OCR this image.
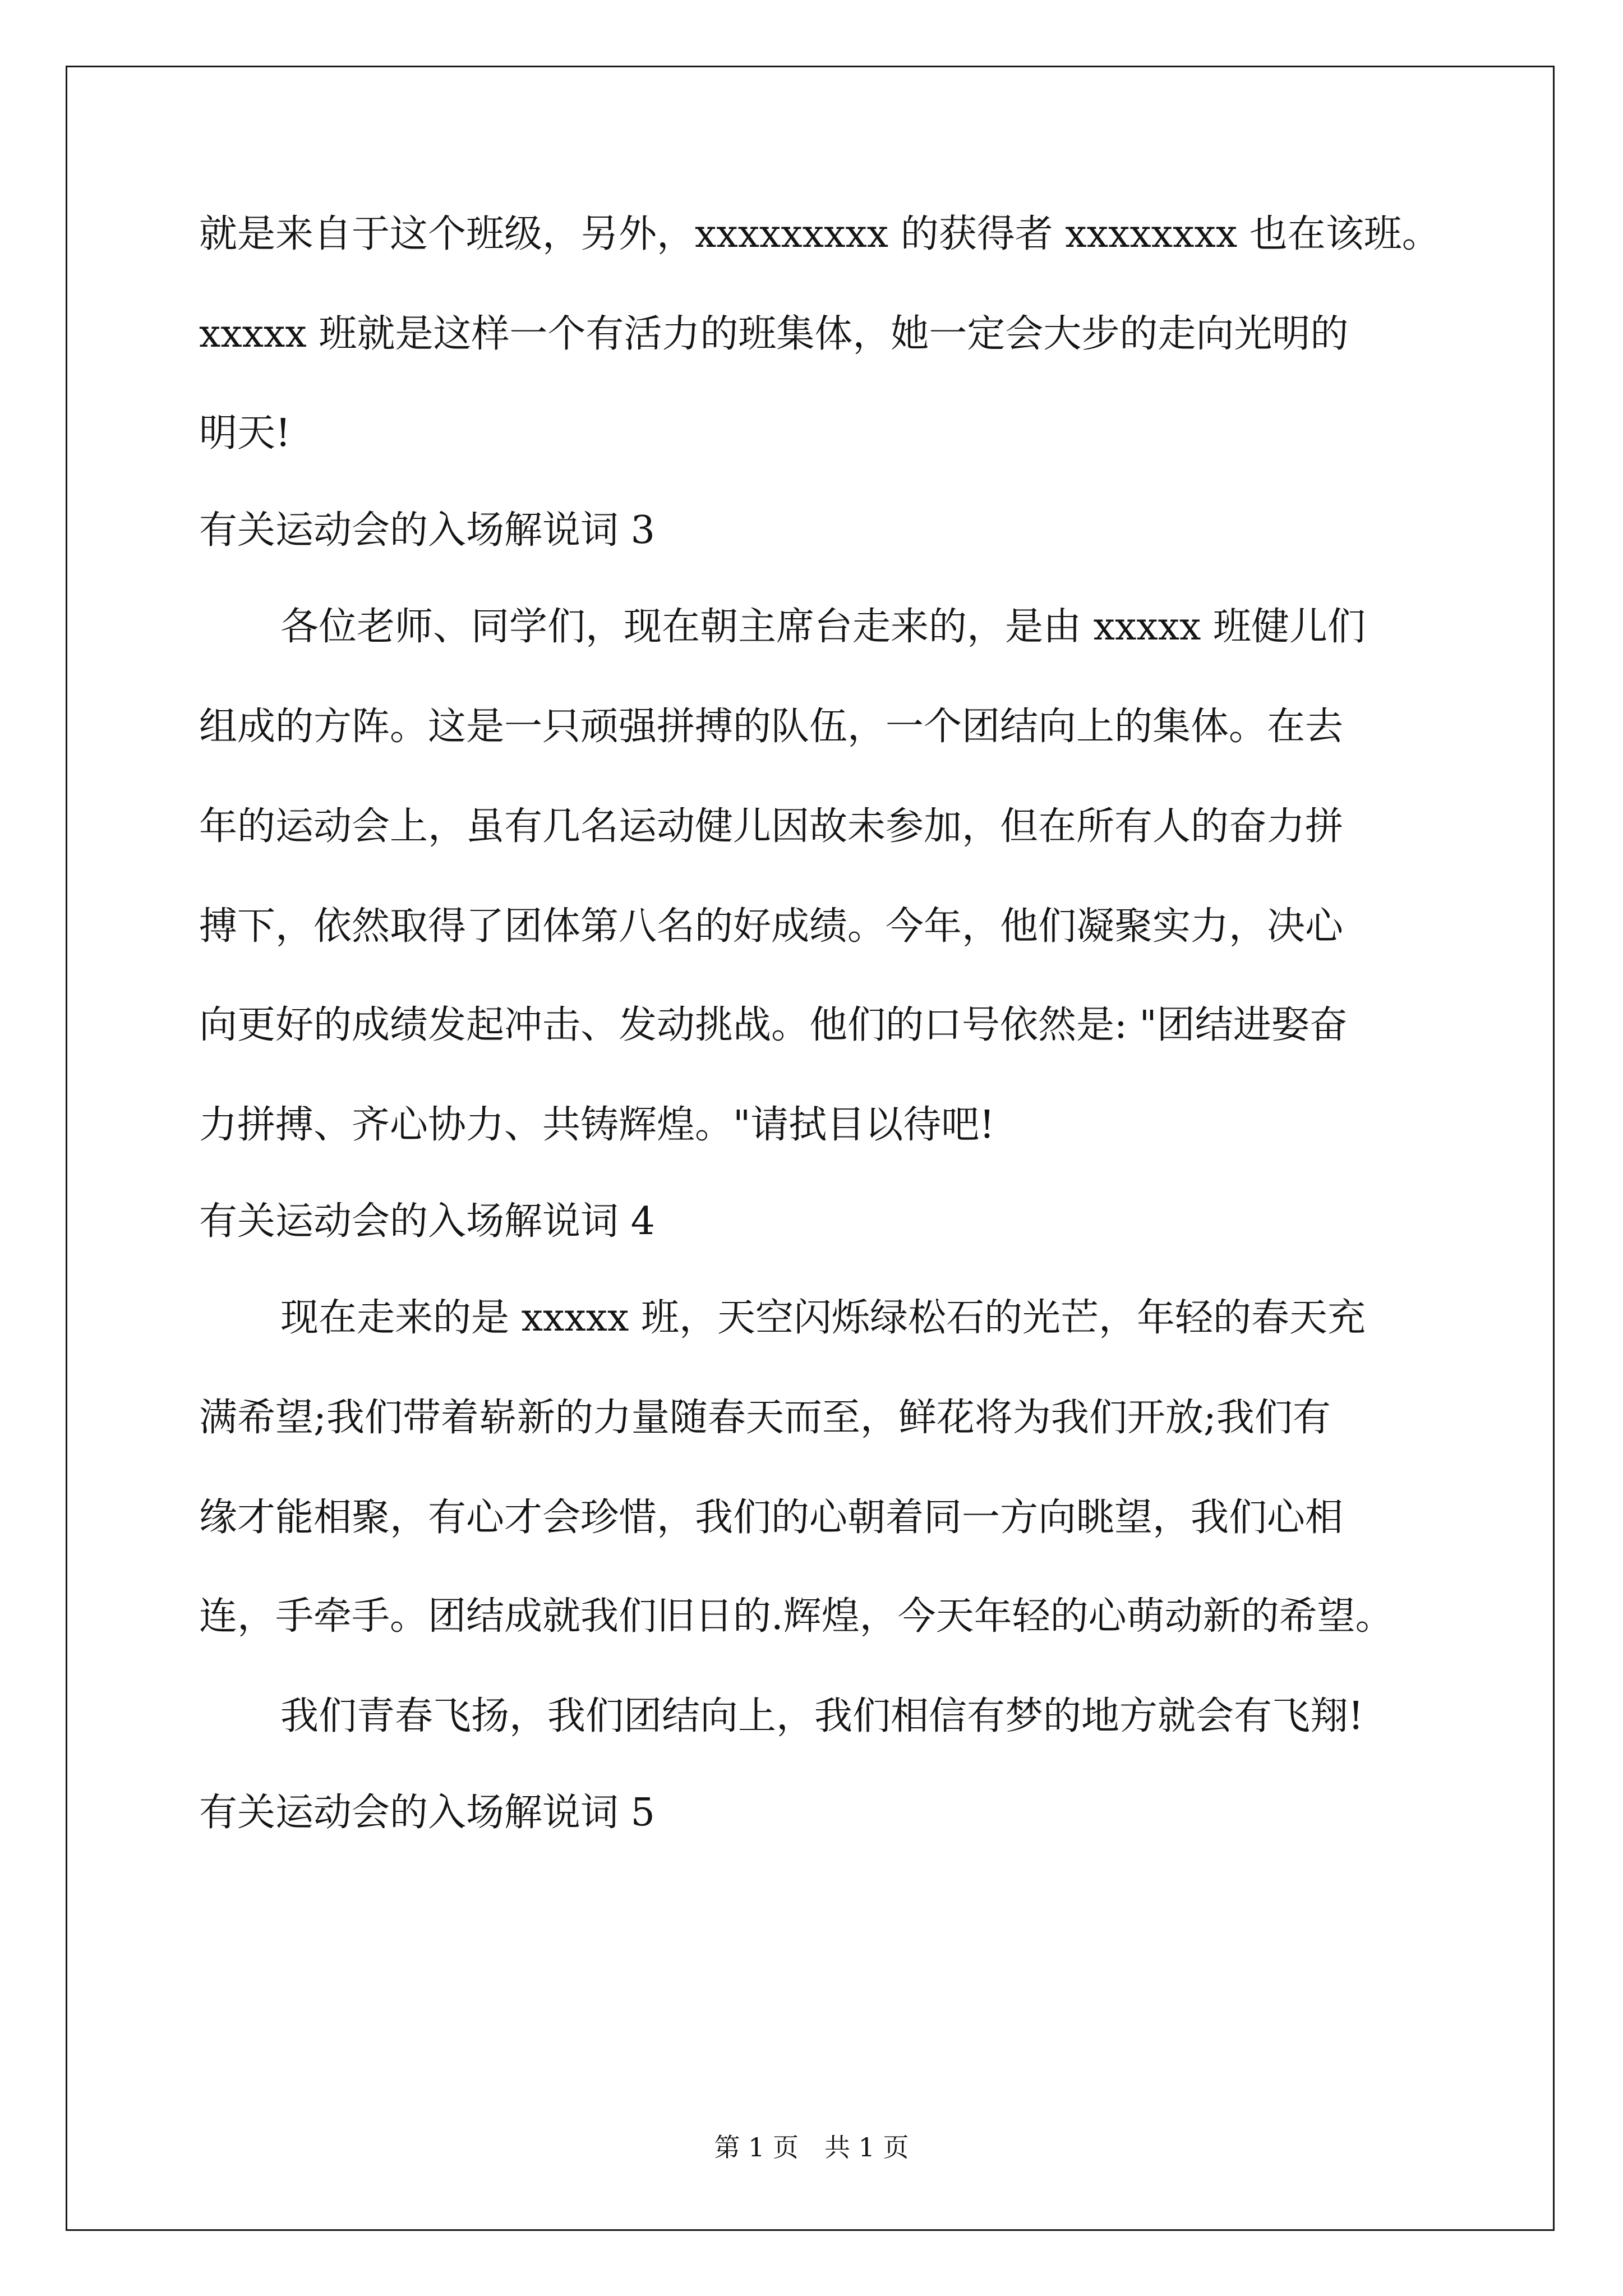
就是来自于这个班级，另外，xxxxxxxxx 的获得者 xxxxxxxx 也在该班。
xxxxx 班就是这样一个有活力的班集体，她一定会大步的走向光明的
明天!
有关运动会的入场解说词 3
各位老师、同学们，现在朝主席台走来的，是由 xxxxx 班健儿们
组成的方阵。这是一只顽强拼搏的队伍，一个团结向上的集体。在去
年的运动会上，虽有几名运动健儿因故未参加，但在所有人的奋力拼
搏下，依然取得了团体第八名的好成绩。今年，他们凝聚实力，决心
向更好的成绩发起冲击、发动挑战。他们的口号依然是: "团结进娶奋
力拼搏、齐心协力、共铸辉煌。"请拭目以待吧!
有关运动会的入场解说词 4
现在走来的是 xxxxx 班，天空闪烁绿松石的光芒，年轻的春天充
满希望;我们带着崭新的力量随春天而至，鲜花将为我们开放;我们有
缘才能相聚，有心才会珍惜，我们的心朝着同一方向眺望，我们心相
连，手牵手。团结成就我们旧日的.辉煌，今天年轻的心萌动新的希望。
我们青春飞扬，我们团结向上，我们相信有梦的地方就会有飞翔!
有关运动会的入场解说词 5
第 1 页　共 1 页
